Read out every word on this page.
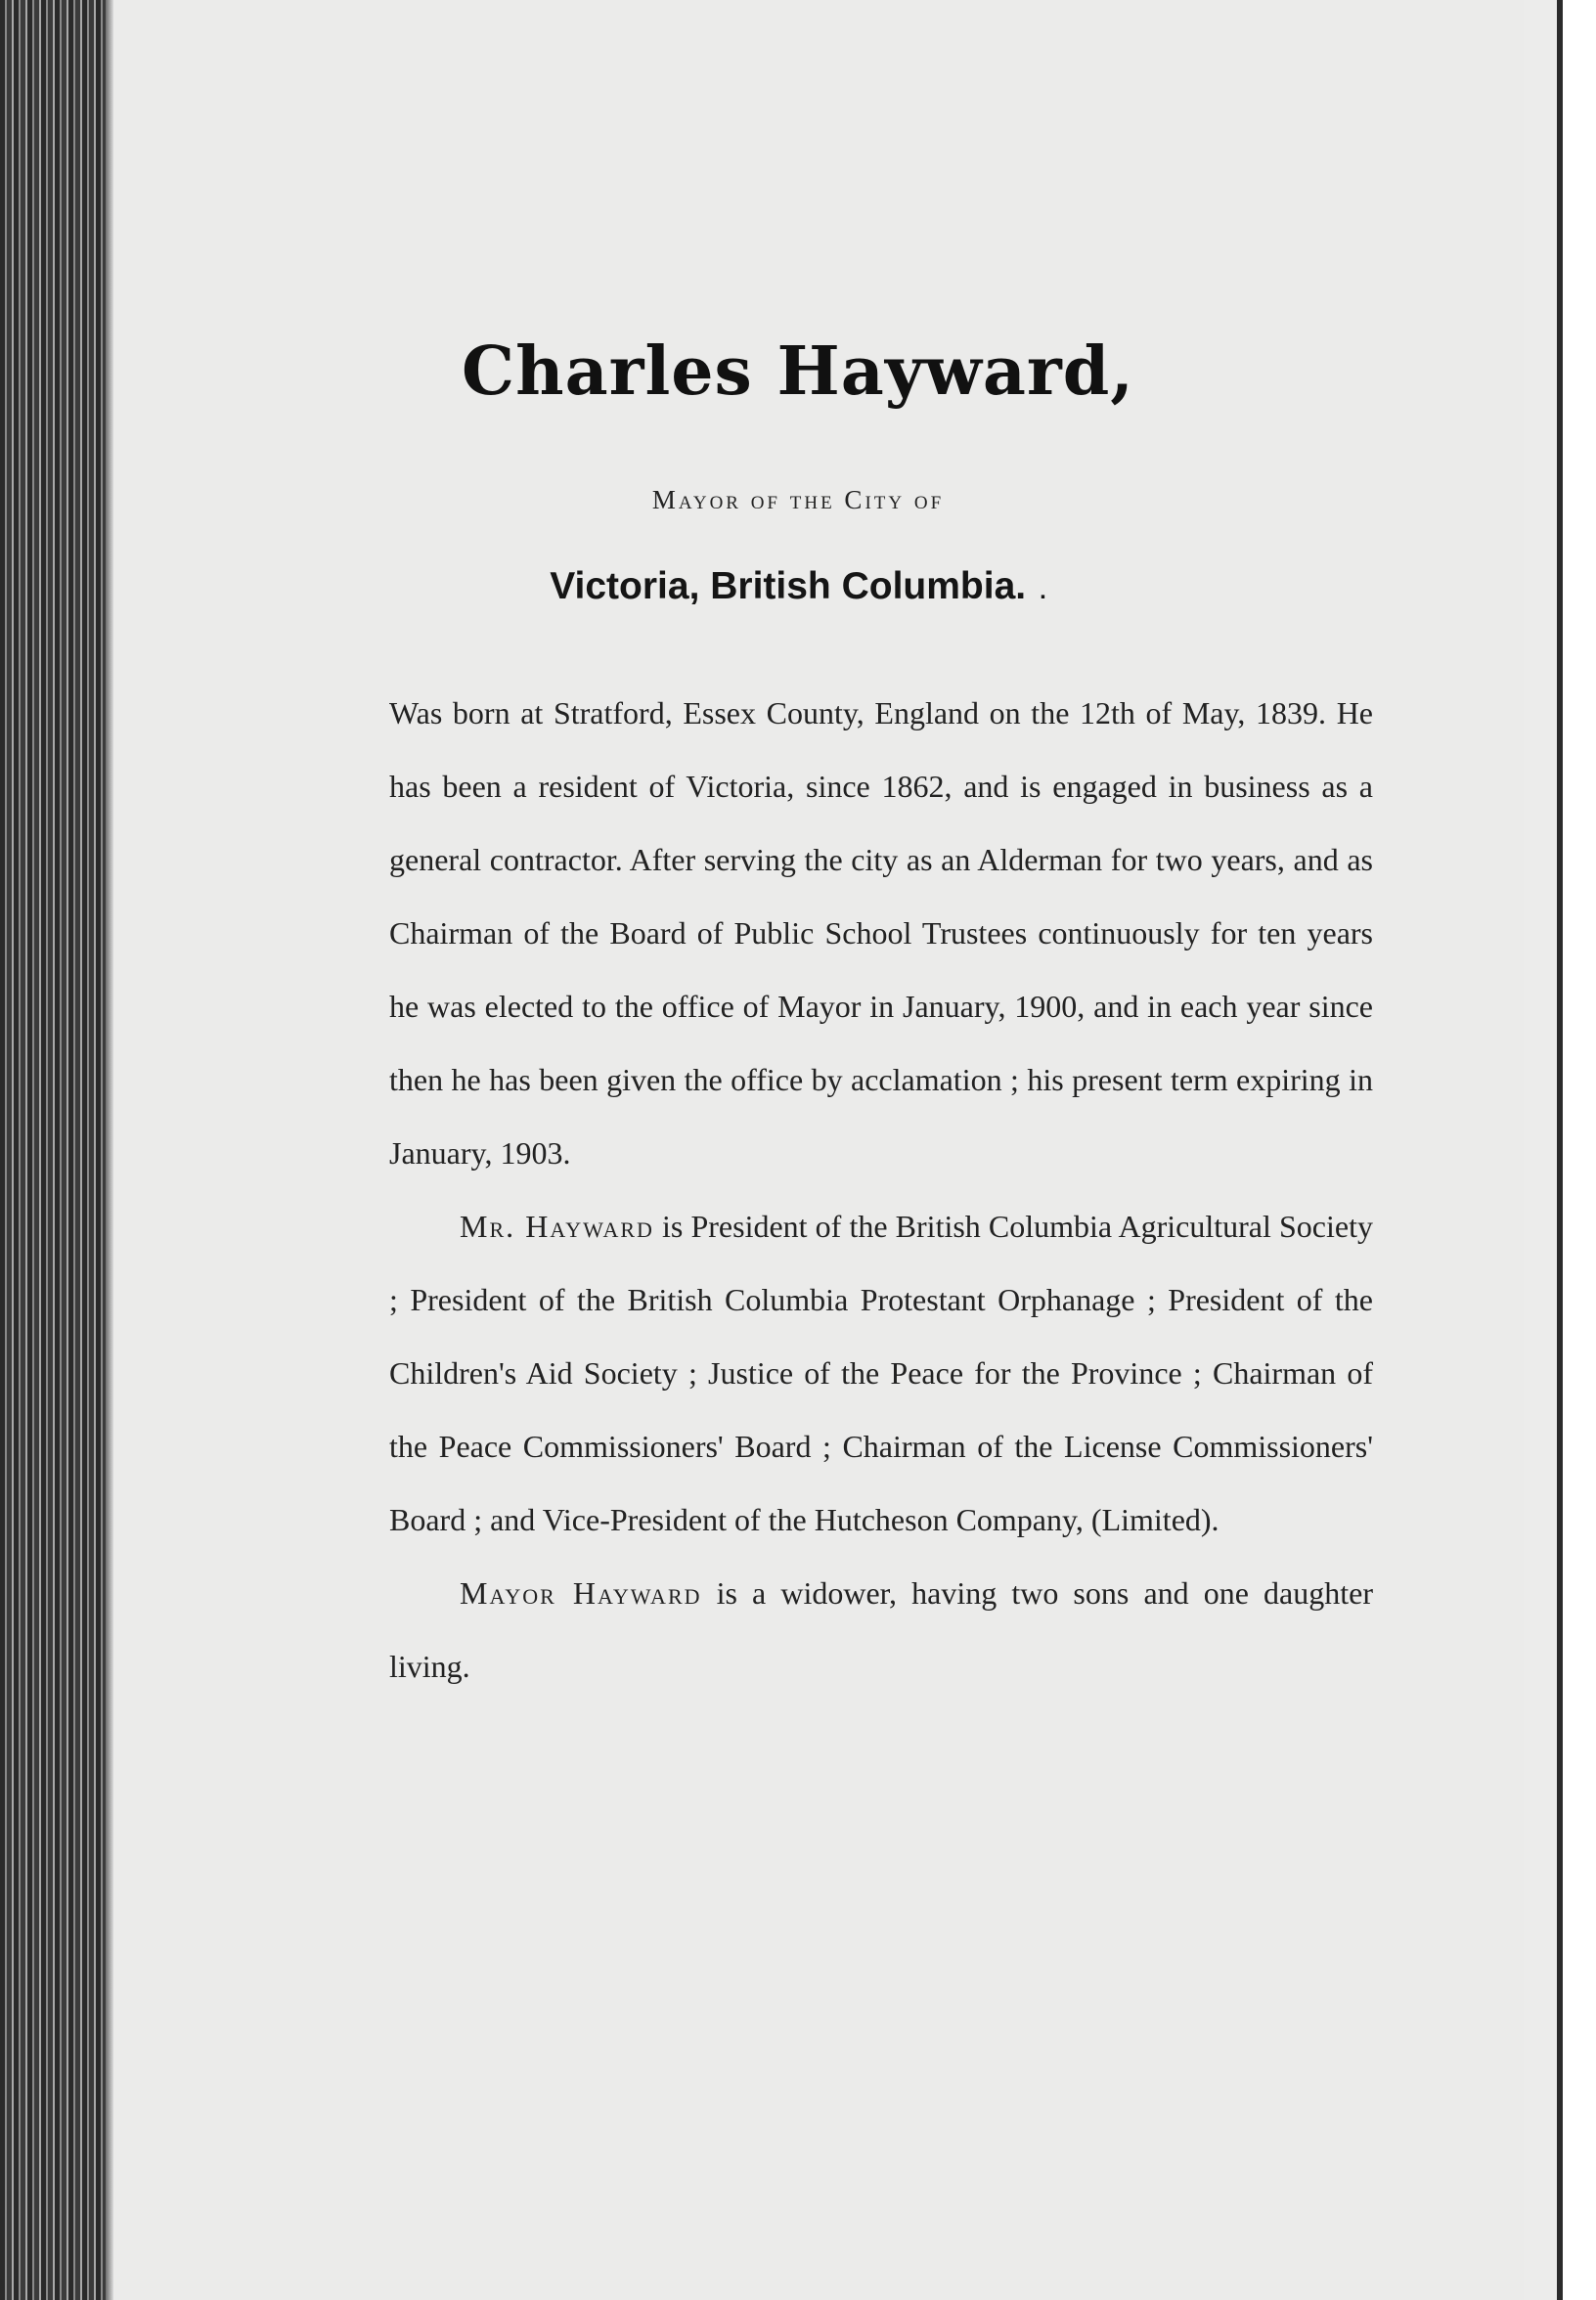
Charles Hayward,

Mayor of the City of

Victoria, British Columbia. .

Was born at Stratford, Essex County, England on the 12th of May, 1839. He has been a resident of Victoria, since 1862, and is engaged in business as a general contractor. After serving the city as an Alderman for two years, and as Chairman of the Board of Public School Trustees continuously for ten years he was elected to the office of Mayor in January, 1900, and in each year since then he has been given the office by acclamation ; his present term expiring in January, 1903.

Mr. Hayward is President of the British Columbia Agricultural Society ; President of the British Columbia Protestant Orphanage ; President of the Children's Aid Society ; Justice of the Peace for the Province ; Chairman of the Peace Commissioners' Board ; Chairman of the License Commissioners' Board ; and Vice-President of the Hutcheson Company, (Limited).

Mayor Hayward is a widower, having two sons and one daughter living.
